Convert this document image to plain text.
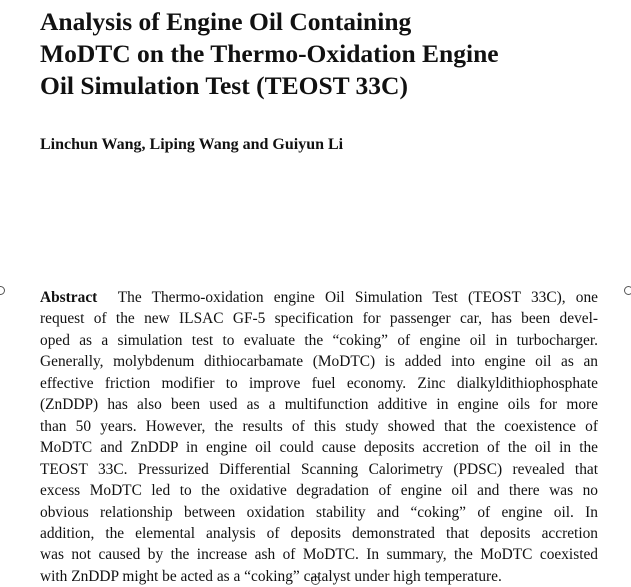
Analysis of Engine Oil Containing
MoDTC on the Thermo-Oxidation Engine
Oil Simulation Test (TEOST 33C)

Linchun Wang, Liping Wang and Guiyun Li

Abstract The Thermo-oxidation engine Oil Simulation Test (TEOST 33C), one
request of the new ILSAC GF-5 specification for passenger car, has been devel-
oped as a simulation test to evaluate the “coking” of engine oil in turbocharger.
Generally, molybdenum dithiocarbamate (MoDTC) is added into engine oil as an
effective friction modifier to improve fuel economy. Zinc dialkyldithiophosphate
(ZnDDP) has also been used as a multifunction additive in engine oils for more
than 50 years. However, the results of this study showed that the coexistence of
MoDTC and ZnDDP in engine oil could cause deposits accretion of the oil in the
TEOST 33C. Pressurized Differential Scanning Calorimetry (PDSC) revealed that
excess MoDTC led to the oxidative degradation of engine oil and there was no
obvious relationship between oxidation stability and “coking” of engine oil. In
addition, the elemental analysis of deposits demonstrated that deposits accretion
was not caused by the increase ash of MoDTC. In summary, the MoDTC coexisted
with ZnDDP might be acted as a “coking” catalyst under high temperature.
